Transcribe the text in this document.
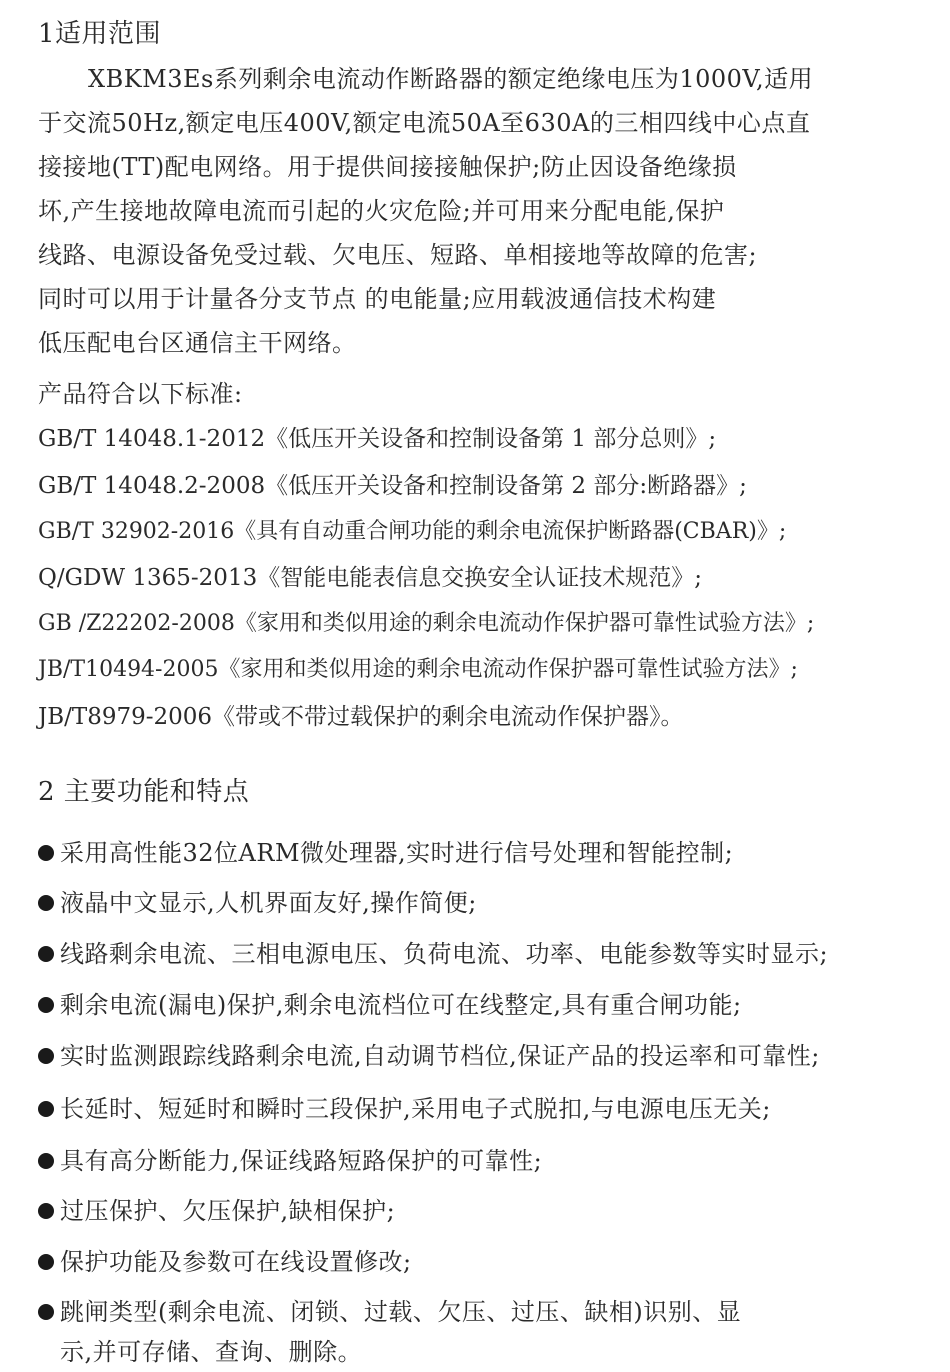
1适用范围
XBKM3Es系列剩余电流动作断路器的额定绝缘电压为1000V,适用
于交流50Hz,额定电压400V,额定电流50A至630A的三相四线中心点直
接接地(TT)配电网络。用于提供间接接触保护;防止因设备绝缘损
坏,产生接地故障电流而引起的火灾危险;并可用来分配电能,保护
线路、电源设备免受过载、欠电压、短路、单相接地等故障的危害;
同时可以用于计量各分支节点 的电能量;应用载波通信技术构建
低压配电台区通信主干网络。
产品符合以下标准:
GB/T 14048.1-2012《低压开关设备和控制设备第 1 部分总则》;
GB/T 14048.2-2008《低压开关设备和控制设备第 2 部分:断路器》;
GB/T 32902-2016《具有自动重合闸功能的剩余电流保护断路器(CBAR)》;
Q/GDW 1365-2013《智能电能表信息交换安全认证技术规范》;
GB /Z22202-2008《家用和类似用途的剩余电流动作保护器可靠性试验方法》;
JB/T10494-2005《家用和类似用途的剩余电流动作保护器可靠性试验方法》;
JB/T8979-2006《带或不带过载保护的剩余电流动作保护器》。
2 主要功能和特点
采用高性能32位ARM微处理器,实时进行信号处理和智能控制;
液晶中文显示,人机界面友好,操作简便;
线路剩余电流、三相电源电压、负荷电流、功率、电能参数等实时显示;
剩余电流(漏电)保护,剩余电流档位可在线整定,具有重合闸功能;
实时监测跟踪线路剩余电流,自动调节档位,保证产品的投运率和可靠性;
长延时、短延时和瞬时三段保护,采用电子式脱扣,与电源电压无关;
具有高分断能力,保证线路短路保护的可靠性;
过压保护、欠压保护,缺相保护;
保护功能及参数可在线设置修改;
跳闸类型(剩余电流、闭锁、过载、欠压、过压、缺相)识别、显
示,并可存储、查询、删除。
